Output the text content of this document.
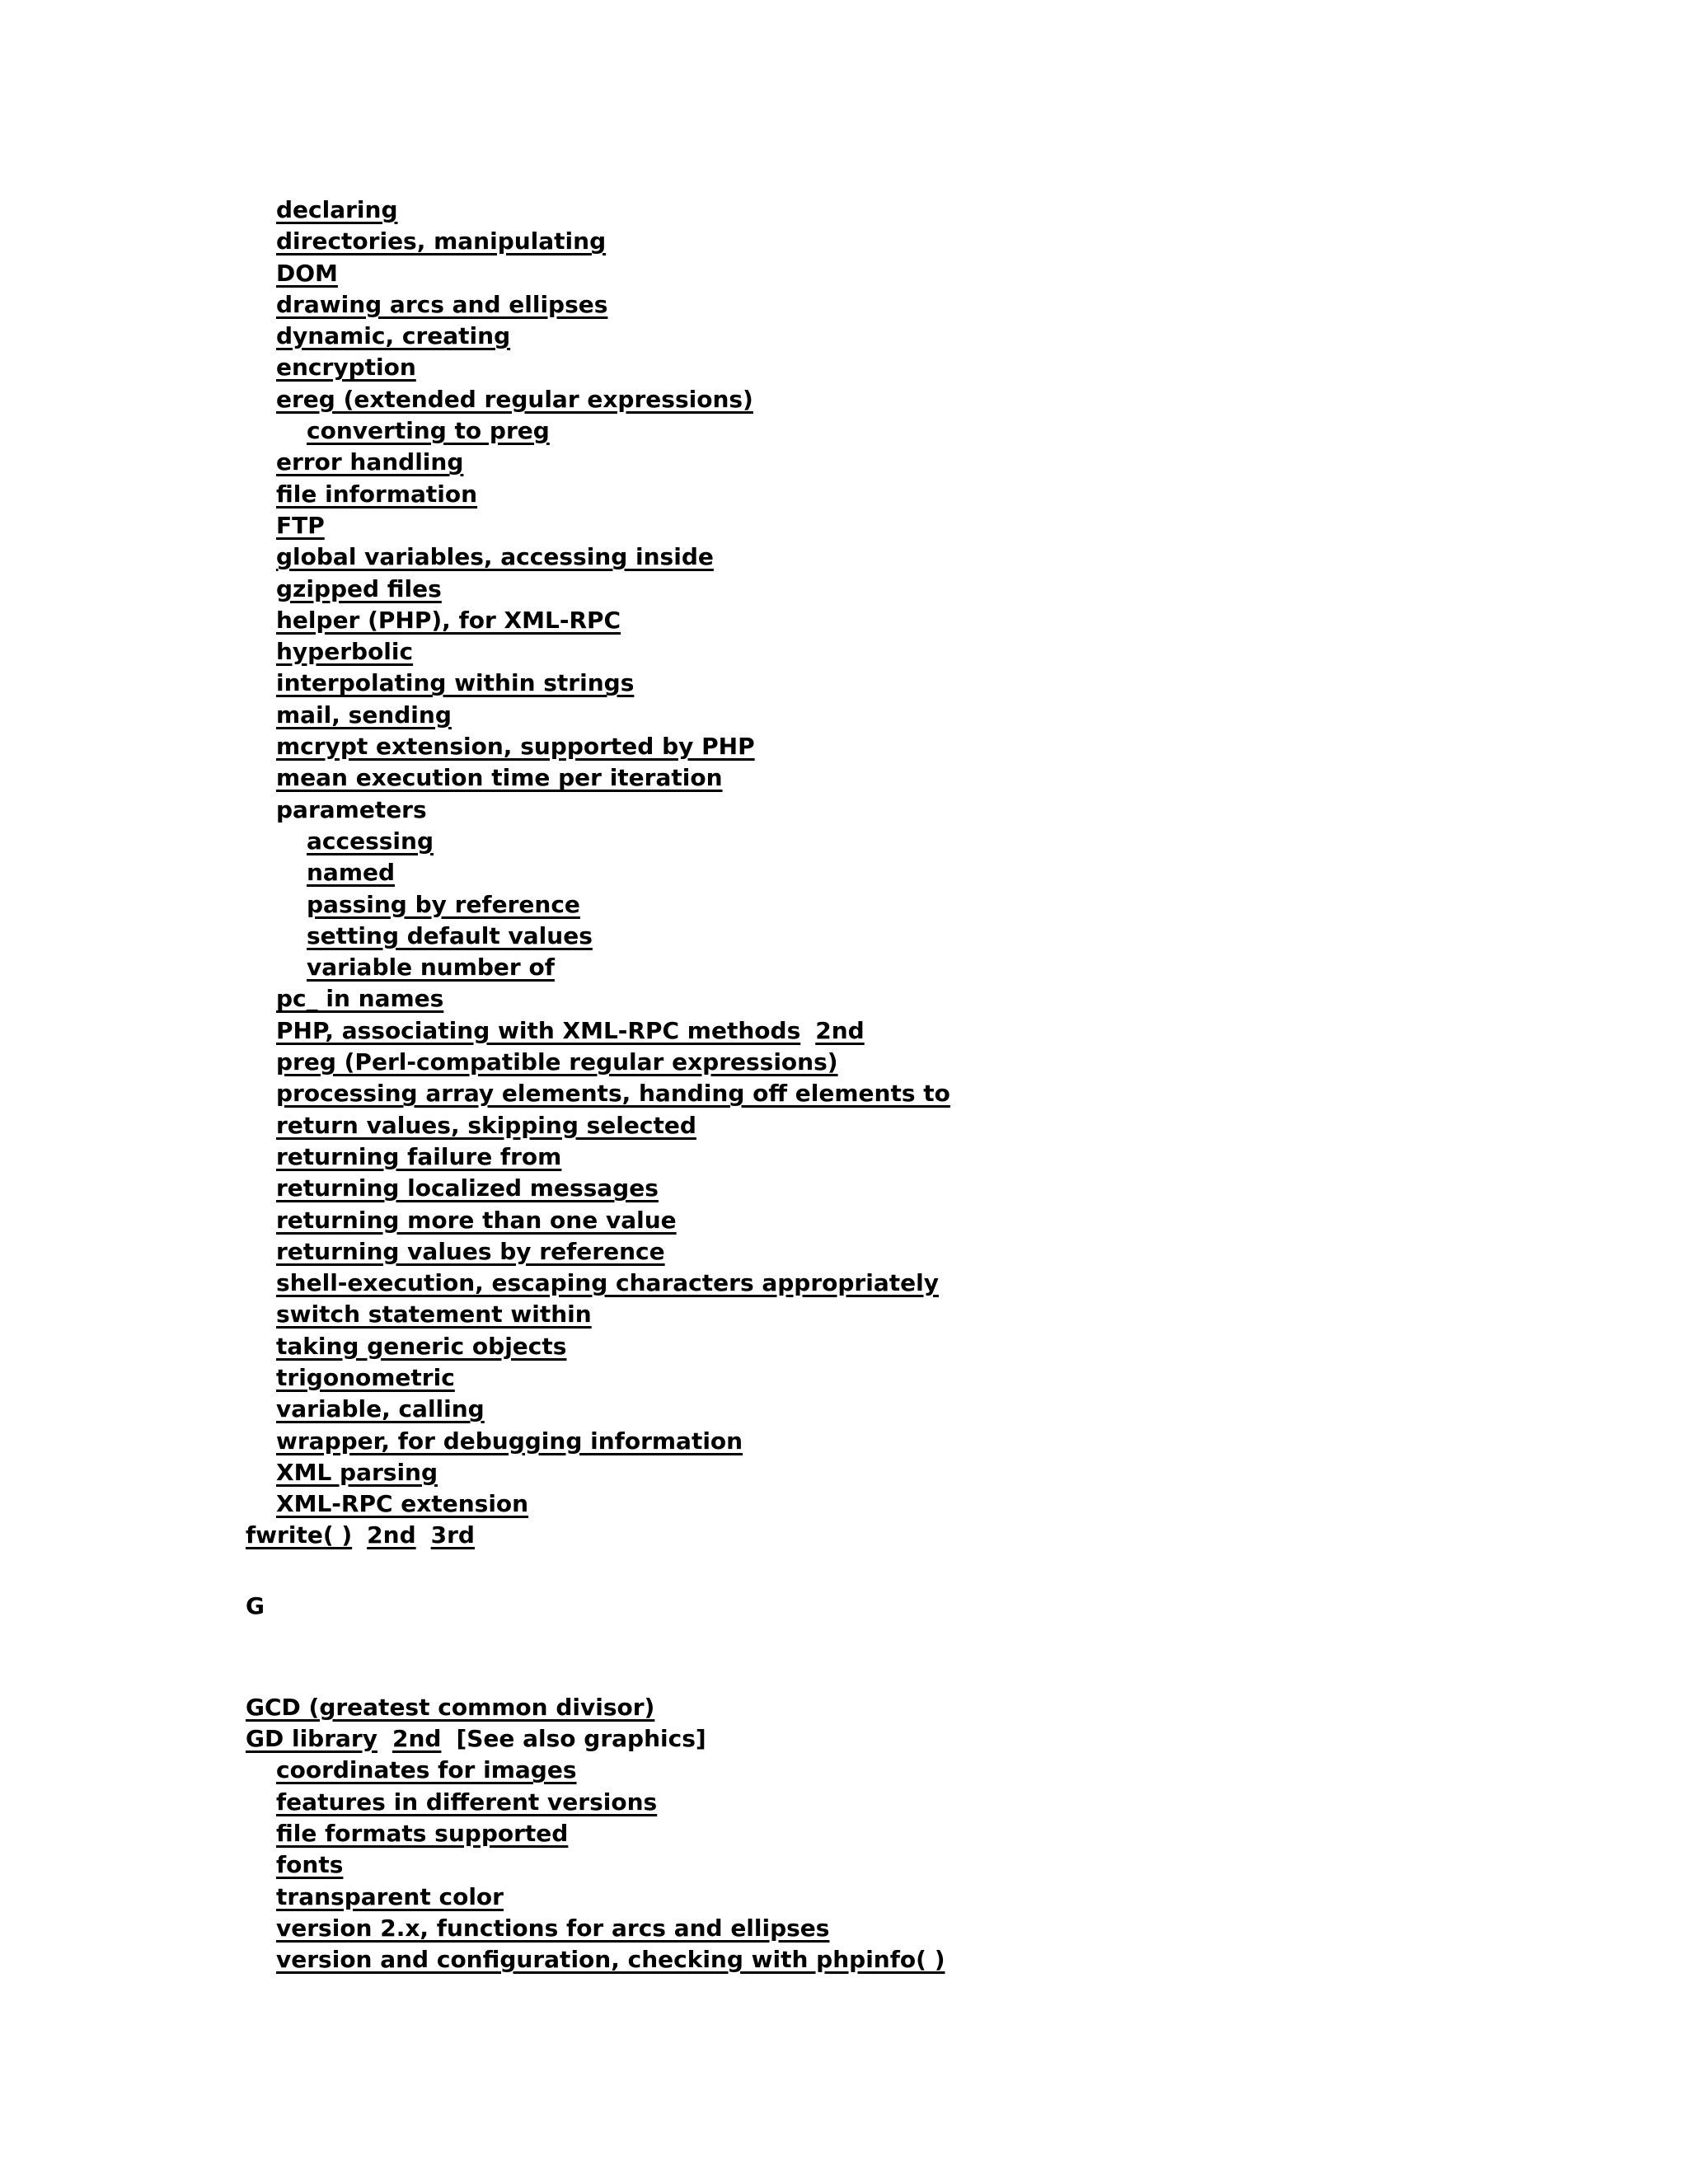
declaring
directories, manipulating
DOM
drawing arcs and ellipses
dynamic, creating
encryption
ereg (extended regular expressions)
converting to preg
error handling
file information
FTP
global variables, accessing inside
gzipped files
helper (PHP), for XML-RPC
hyperbolic
interpolating within strings
mail, sending
mcrypt extension, supported by PHP
mean execution time per iteration
parameters
accessing
named
passing by reference
setting default values
variable number of
pc_ in names
PHP, associating with XML-RPC methods 2nd
preg (Perl-compatible regular expressions)
processing array elements, handing off elements to
return values, skipping selected
returning failure from
returning localized messages
returning more than one value
returning values by reference
shell-execution, escaping characters appropriately
switch statement within
taking generic objects
trigonometric
variable, calling
wrapper, for debugging information
XML parsing
XML-RPC extension
fwrite( ) 2nd 3rd
G
GCD (greatest common divisor)
GD library 2nd [See also graphics]
coordinates for images
features in different versions
file formats supported
fonts
transparent color
version 2.x, functions for arcs and ellipses
version and configuration, checking with phpinfo( )
